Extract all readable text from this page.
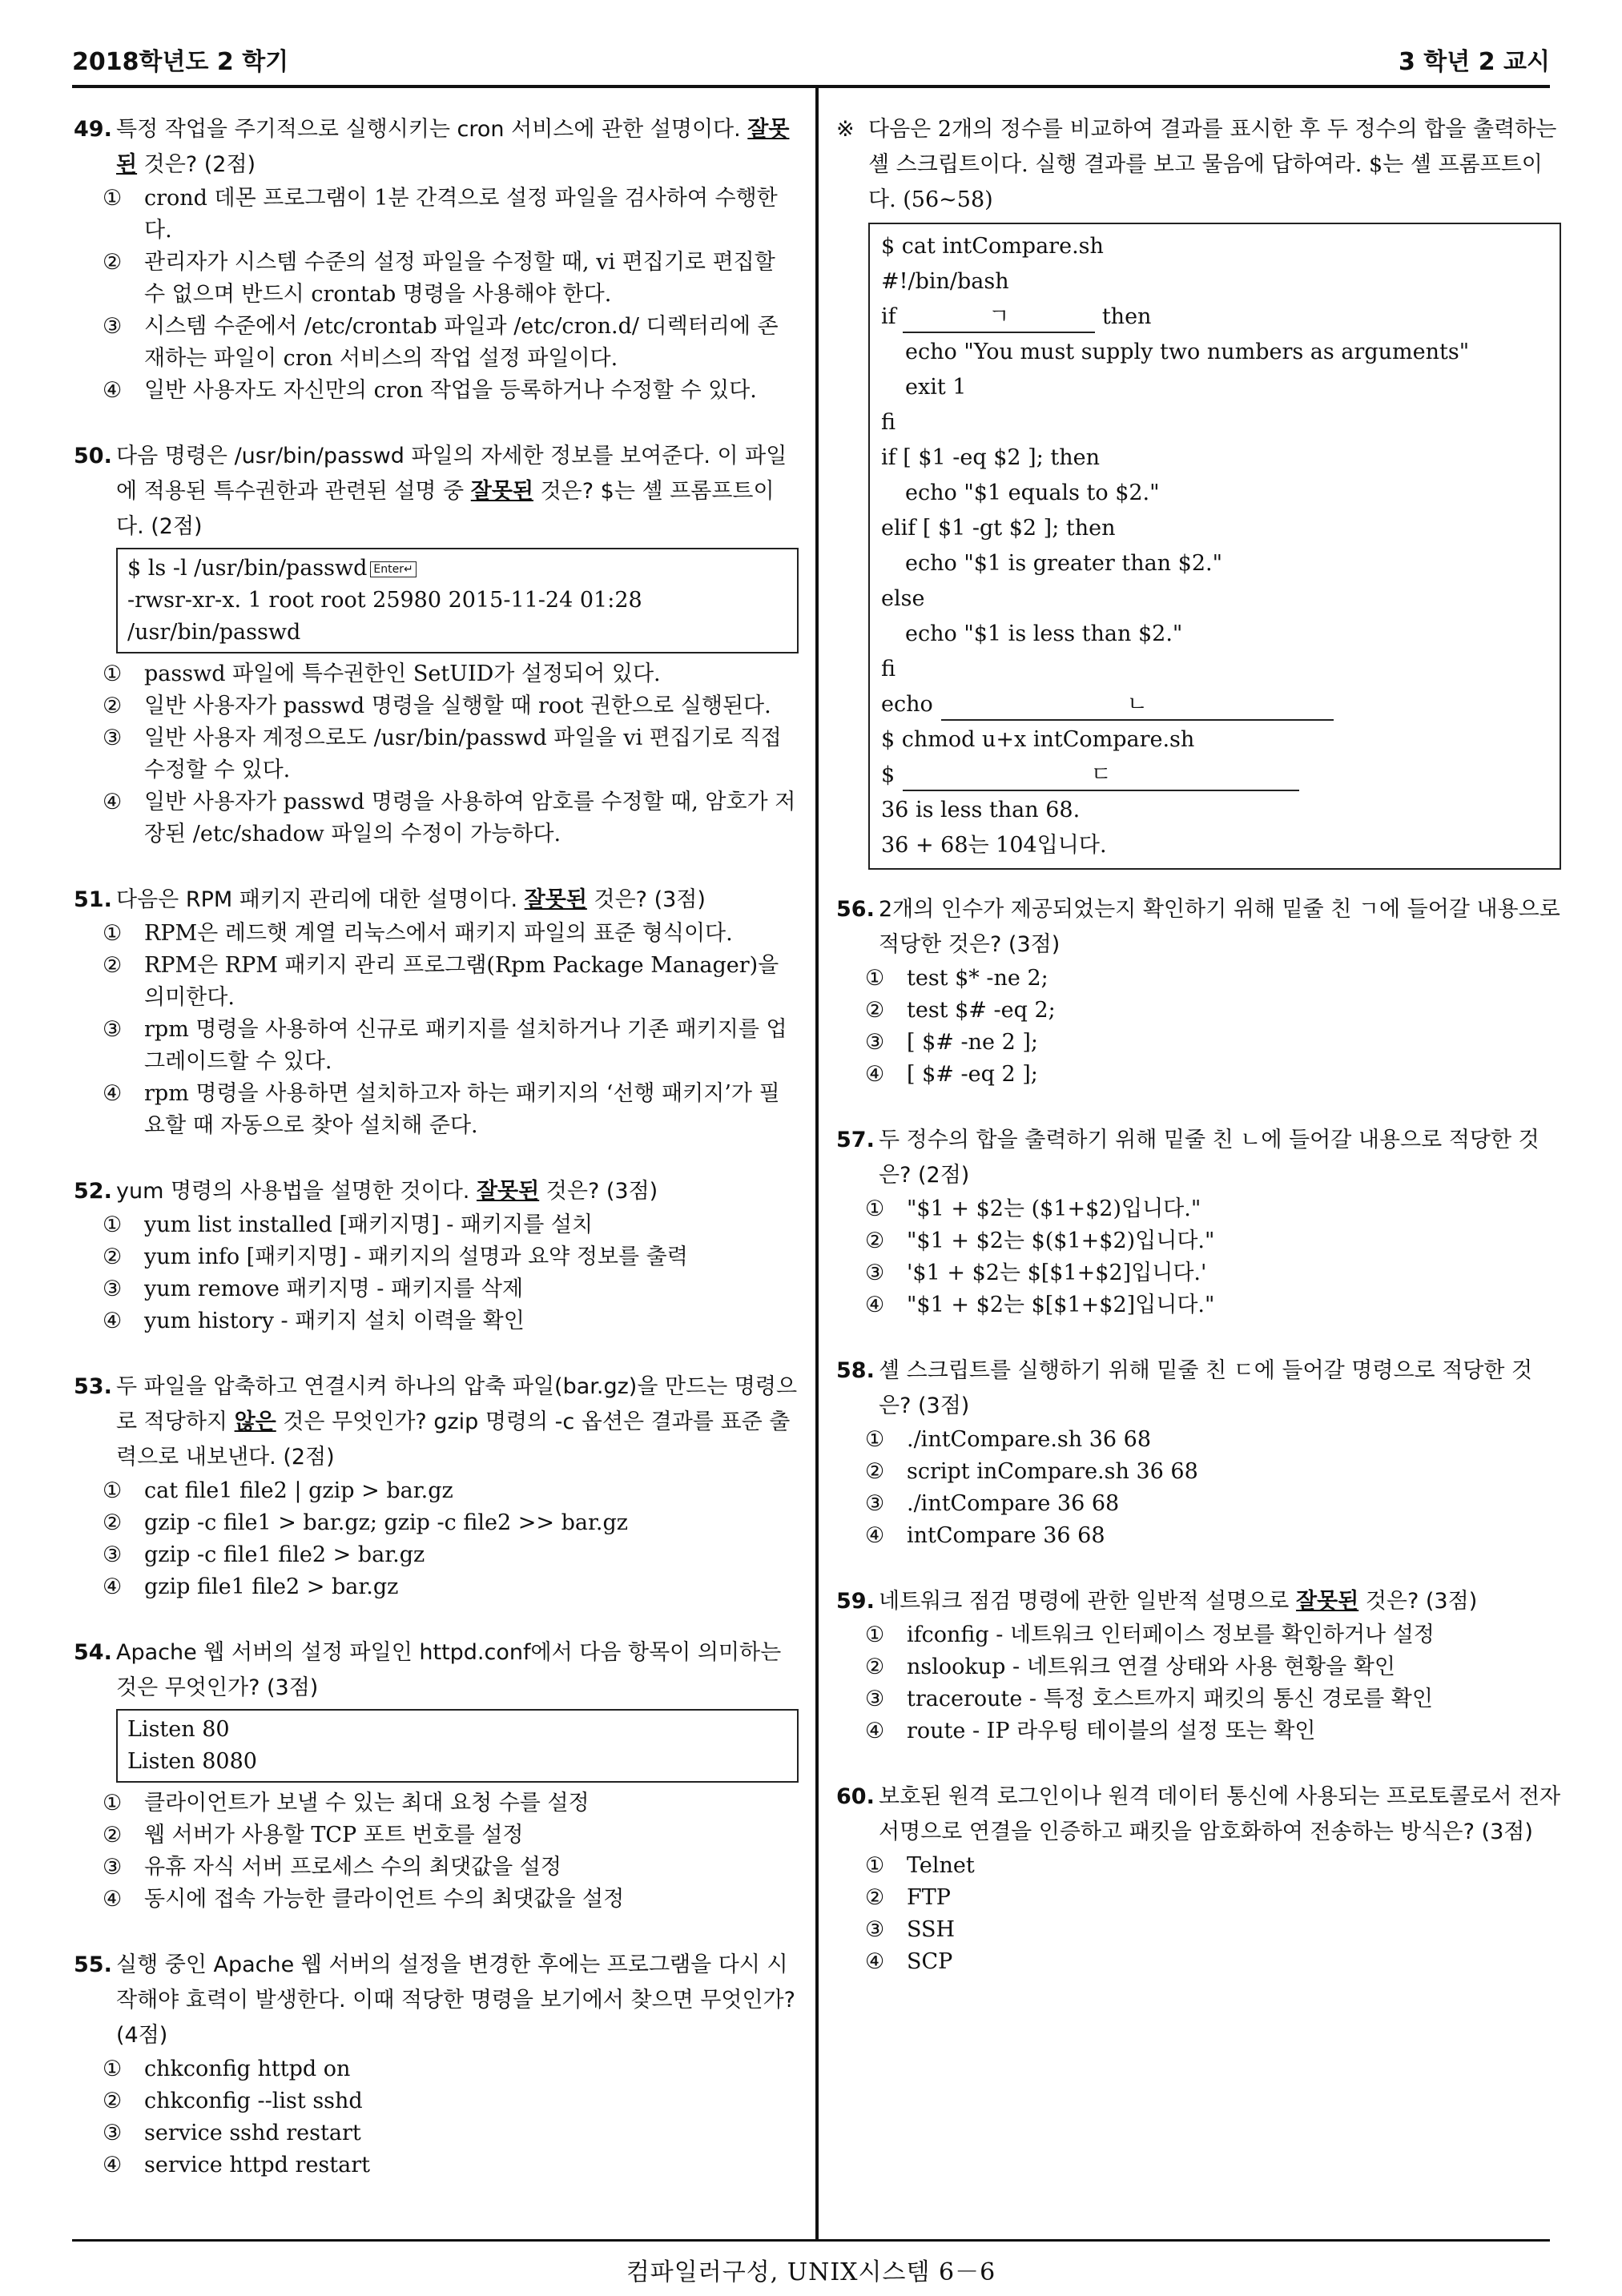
2018학년도 2 학기	3 학년 2 교시
49. 특정 작업을 주기적으로 실행시키는 cron 서비스에 관한 설명이다. 잘못된 것은? (2점)
① crond 데몬 프로그램이 1분 간격으로 설정 파일을 검사하여 수행한다.
② 관리자가 시스템 수준의 설정 파일을 수정할 때, vi 편집기로 편집할 수 없으며 반드시 crontab 명령을 사용해야 한다.
③ 시스템 수준에서 /etc/crontab 파일과 /etc/cron.d/ 디렉터리에 존재하는 파일이 cron 서비스의 작업 설정 파일이다.
④ 일반 사용자도 자신만의 cron 작업을 등록하거나 수정할 수 있다.
50. 다음 명령은 /usr/bin/passwd 파일의 자세한 정보를 보여준다. 이 파일에 적용된 특수권한과 관련된 설명 중 잘못된 것은? $는 셸 프롬프트이다. (2점)
$ ls -l /usr/bin/passwd Enter↵
-rwsr-xr-x. 1 root root 25980 2015-11-24 01:28 /usr/bin/passwd
① passwd 파일에 특수권한인 SetUID가 설정되어 있다.
② 일반 사용자가 passwd 명령을 실행할 때 root 권한으로 실행된다.
③ 일반 사용자 계정으로도 /usr/bin/passwd 파일을 vi 편집기로 직접 수정할 수 있다.
④ 일반 사용자가 passwd 명령을 사용하여 암호를 수정할 때, 암호가 저장된 /etc/shadow 파일의 수정이 가능하다.
51. 다음은 RPM 패키지 관리에 대한 설명이다. 잘못된 것은? (3점)
① RPM은 레드햇 계열 리눅스에서 패키지 파일의 표준 형식이다.
② RPM은 RPM 패키지 관리 프로그램(Rpm Package Manager)을 의미한다.
③ rpm 명령을 사용하여 신규로 패키지를 설치하거나 기존 패키지를 업그레이드할 수 있다.
④ rpm 명령을 사용하면 설치하고자 하는 패키지의 ‘선행 패키지’가 필요할 때 자동으로 찾아 설치해 준다.
52. yum 명령의 사용법을 설명한 것이다. 잘못된 것은? (3점)
① yum list installed [패키지명] - 패키지를 설치
② yum info [패키지명] - 패키지의 설명과 요약 정보를 출력
③ yum remove 패키지명 - 패키지를 삭제
④ yum history - 패키지 설치 이력을 확인
53. 두 파일을 압축하고 연결시켜 하나의 압축 파일(bar.gz)을 만드는 명령으로 적당하지 않은 것은 무엇인가? gzip 명령의 -c 옵션은 결과를 표준 출력으로 내보낸다. (2점)
① cat file1 file2 | gzip > bar.gz
② gzip -c file1 > bar.gz; gzip -c file2 >> bar.gz
③ gzip -c file1 file2 > bar.gz
④ gzip file1 file2 > bar.gz
54. Apache 웹 서버의 설정 파일인 httpd.conf에서 다음 항목이 의미하는 것은 무엇인가? (3점)
Listen 80
Listen 8080
① 클라이언트가 보낼 수 있는 최대 요청 수를 설정
② 웹 서버가 사용할 TCP 포트 번호를 설정
③ 유휴 자식 서버 프로세스 수의 최댓값을 설정
④ 동시에 접속 가능한 클라이언트 수의 최댓값을 설정
55. 실행 중인 Apache 웹 서버의 설정을 변경한 후에는 프로그램을 다시 시작해야 효력이 발생한다. 이때 적당한 명령을 보기에서 찾으면 무엇인가? (4점)
① chkconfig httpd on
② chkconfig --list sshd
③ service sshd restart
④ service httpd restart
※ 다음은 2개의 정수를 비교하여 결과를 표시한 후 두 정수의 합을 출력하는 셸 스크립트이다. 실행 결과를 보고 물음에 답하여라. $는 셸 프롬프트이다. (56~58)
$ cat intCompare.sh
#!/bin/bash
if	ㄱ	then
echo "You must supply two numbers as arguments"
exit 1
fi
if [ $1 -eq $2 ]; then
echo "$1 equals to $2."
elif [ $1 -gt $2 ]; then
echo "$1 is greater than $2."
else
echo "$1 is less than $2."
fi
echo	ㄴ
$ chmod u+x intCompare.sh
$	ㄷ
36 is less than 68.
36 + 68는 104입니다.
56. 2개의 인수가 제공되었는지 확인하기 위해 밑줄 친 ㄱ에 들어갈 내용으로 적당한 것은? (3점)
① test $* -ne 2;
② test $# -eq 2;
③ [ $# -ne 2 ];
④ [ $# -eq 2 ];
57. 두 정수의 합을 출력하기 위해 밑줄 친 ㄴ에 들어갈 내용으로 적당한 것은? (2점)
① "$1 + $2는 ($1+$2)입니다."
② "$1 + $2는 $($1+$2)입니다."
③ '$1 + $2는 $[$1+$2]입니다.'
④ "$1 + $2는 $[$1+$2]입니다."
58. 셸 스크립트를 실행하기 위해 밑줄 친 ㄷ에 들어갈 명령으로 적당한 것은? (3점)
① ./intCompare.sh 36 68
② script inCompare.sh 36 68
③ ./intCompare 36 68
④ intCompare 36 68
59. 네트워크 점검 명령에 관한 일반적 설명으로 잘못된 것은? (3점)
① ifconfig - 네트워크 인터페이스 정보를 확인하거나 설정
② nslookup - 네트워크 연결 상태와 사용 현황을 확인
③ traceroute - 특정 호스트까지 패킷의 통신 경로를 확인
④ route - IP 라우팅 테이블의 설정 또는 확인
60. 보호된 원격 로그인이나 원격 데이터 통신에 사용되는 프로토콜로서 전자서명으로 연결을 인증하고 패킷을 암호화하여 전송하는 방식은? (3점)
① Telnet
② FTP
③ SSH
④ SCP
컴파일러구성, UNIX시스템 6－6
